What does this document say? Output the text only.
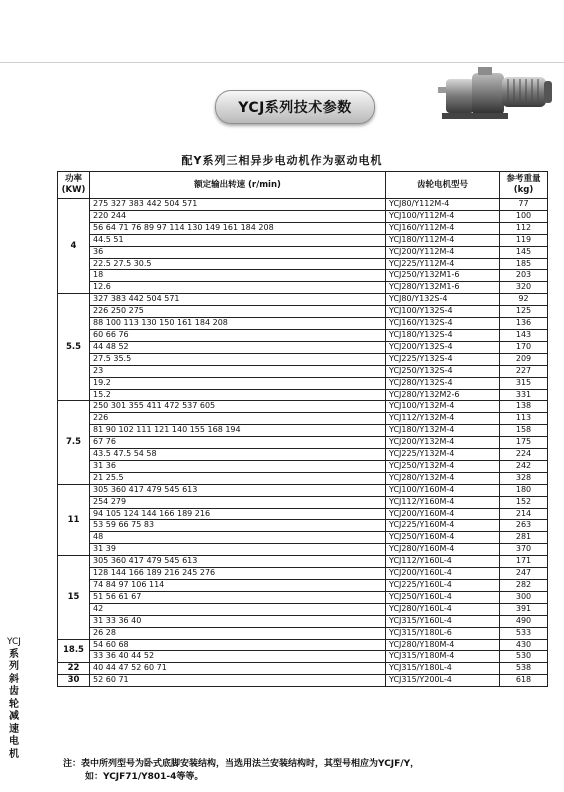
YCJ系列技术参数
配Y系列三相异步电动机作为驱动电机
功率
(KW)	额定输出转速 (r/min)	齿轮电机型号	参考重量
(kg)
4	275 327 383 442 504 571	YCJ80/Y112M-4	77
	220 244	YCJ100/Y112M-4	100
	56 64 71 76 89 97 114 130 149 161 184 208	YCJ160/Y112M-4	112
	44.5 51	YCJ180/Y112M-4	119
	36	YCJ200/Y112M-4	145
	22.5 27.5 30.5	YCJ225/Y112M-4	185
	18	YCJ250/Y132M1-6	203
	12.6	YCJ280/Y132M1-6	320
5.5	327 383 442 504 571	YCJ80/Y132S-4	92
	226 250 275	YCJ100/Y132S-4	125
	88 100 113 130 150 161 184 208	YCJ160/Y132S-4	136
	60 66 76	YCJ180/Y132S-4	143
	44 48 52	YCJ200/Y132S-4	170
	27.5 35.5	YCJ225/Y132S-4	209
	23	YCJ250/Y132S-4	227
	19.2	YCJ280/Y132S-4	315
	15.2	YCJ280/Y132M2-6	331
7.5	250 301 355 411 472 537 605	YCJ100/Y132M-4	138
	226	YCJ112/Y132M-4	113
	81 90 102 111 121 140 155 168 194	YCJ180/Y132M-4	158
	67 76	YCJ200/Y132M-4	175
	43.5 47.5 54 58	YCJ225/Y132M-4	224
	31 36	YCJ250/Y132M-4	242
	21 25.5	YCJ280/Y132M-4	328
11	305 360 417 479 545 613	YCJ100/Y160M-4	180
	254 279	YCJ112/Y160M-4	152
	94 105 124 144 166 189 216	YCJ200/Y160M-4	214
	53 59 66 75 83	YCJ225/Y160M-4	263
	48	YCJ250/Y160M-4	281
	31 39	YCJ280/Y160M-4	370
15	305 360 417 479 545 613	YCJ112/Y160L-4	171
	128 144 166 189 216 245 276	YCJ200/Y160L-4	247
	74 84 97 106 114	YCJ225/Y160L-4	282
	51 56 61 67	YCJ250/Y160L-4	300
	42	YCJ280/Y160L-4	391
	31 33 36 40	YCJ315/Y160L-4	490
	26 28	YCJ315/Y180L-6	533
18.5	54 60 68	YCJ280/Y180M-4	430
	33 36 40 44 52	YCJ315/Y180M-4	530
22	40 44 47 52 60 71	YCJ315/Y180L-4	538
30	52 60 71	YCJ315/Y200L-4	618
注：表中所列型号为卧式底脚安装结构，当选用法兰安装结构时，其型号相应为YCJF/Y，
如：YCJF71/Y801-4等等。
YCJ
系
列
斜
齿
轮
减
速
电
机
